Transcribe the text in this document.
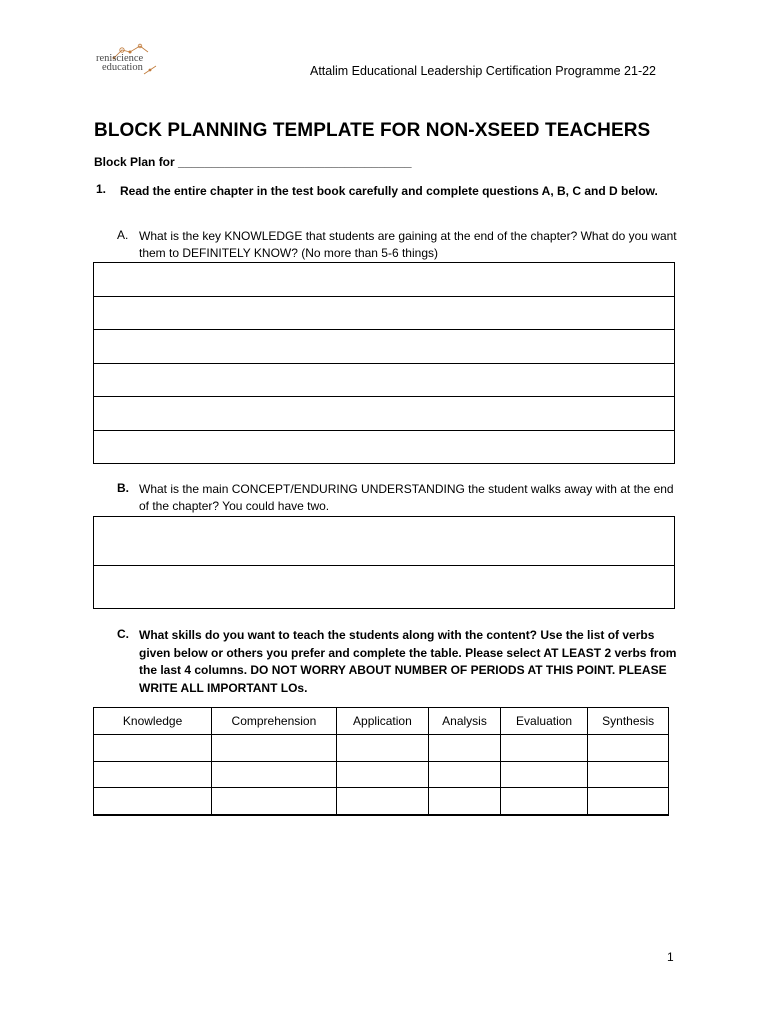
reniscience
education	Attalim Educational Leadership Certification Programme 21-22
BLOCK PLANNING TEMPLATE FOR NON-XSEED TEACHERS
Block Plan for ___________________________________
1. Read the entire chapter in the test book carefully and complete questions A, B, C and D below.
A. What is the key KNOWLEDGE that students are gaining at the end of the chapter? What do you want them to DEFINITELY KNOW? (No more than 5-6 things)

B. What is the main CONCEPT/ENDURING UNDERSTANDING the student walks away with at the end of the chapter? You could have two.

C. What skills do you want to teach the students along with the content? Use the list of verbs given below or others you prefer and complete the table. Please select AT LEAST 2 verbs from the last 4 columns. DO NOT WORRY ABOUT NUMBER OF PERIODS AT THIS POINT. PLEASE WRITE ALL IMPORTANT LOs.
Knowledge	Comprehension	Application	Analysis	Evaluation	Synthesis

1
